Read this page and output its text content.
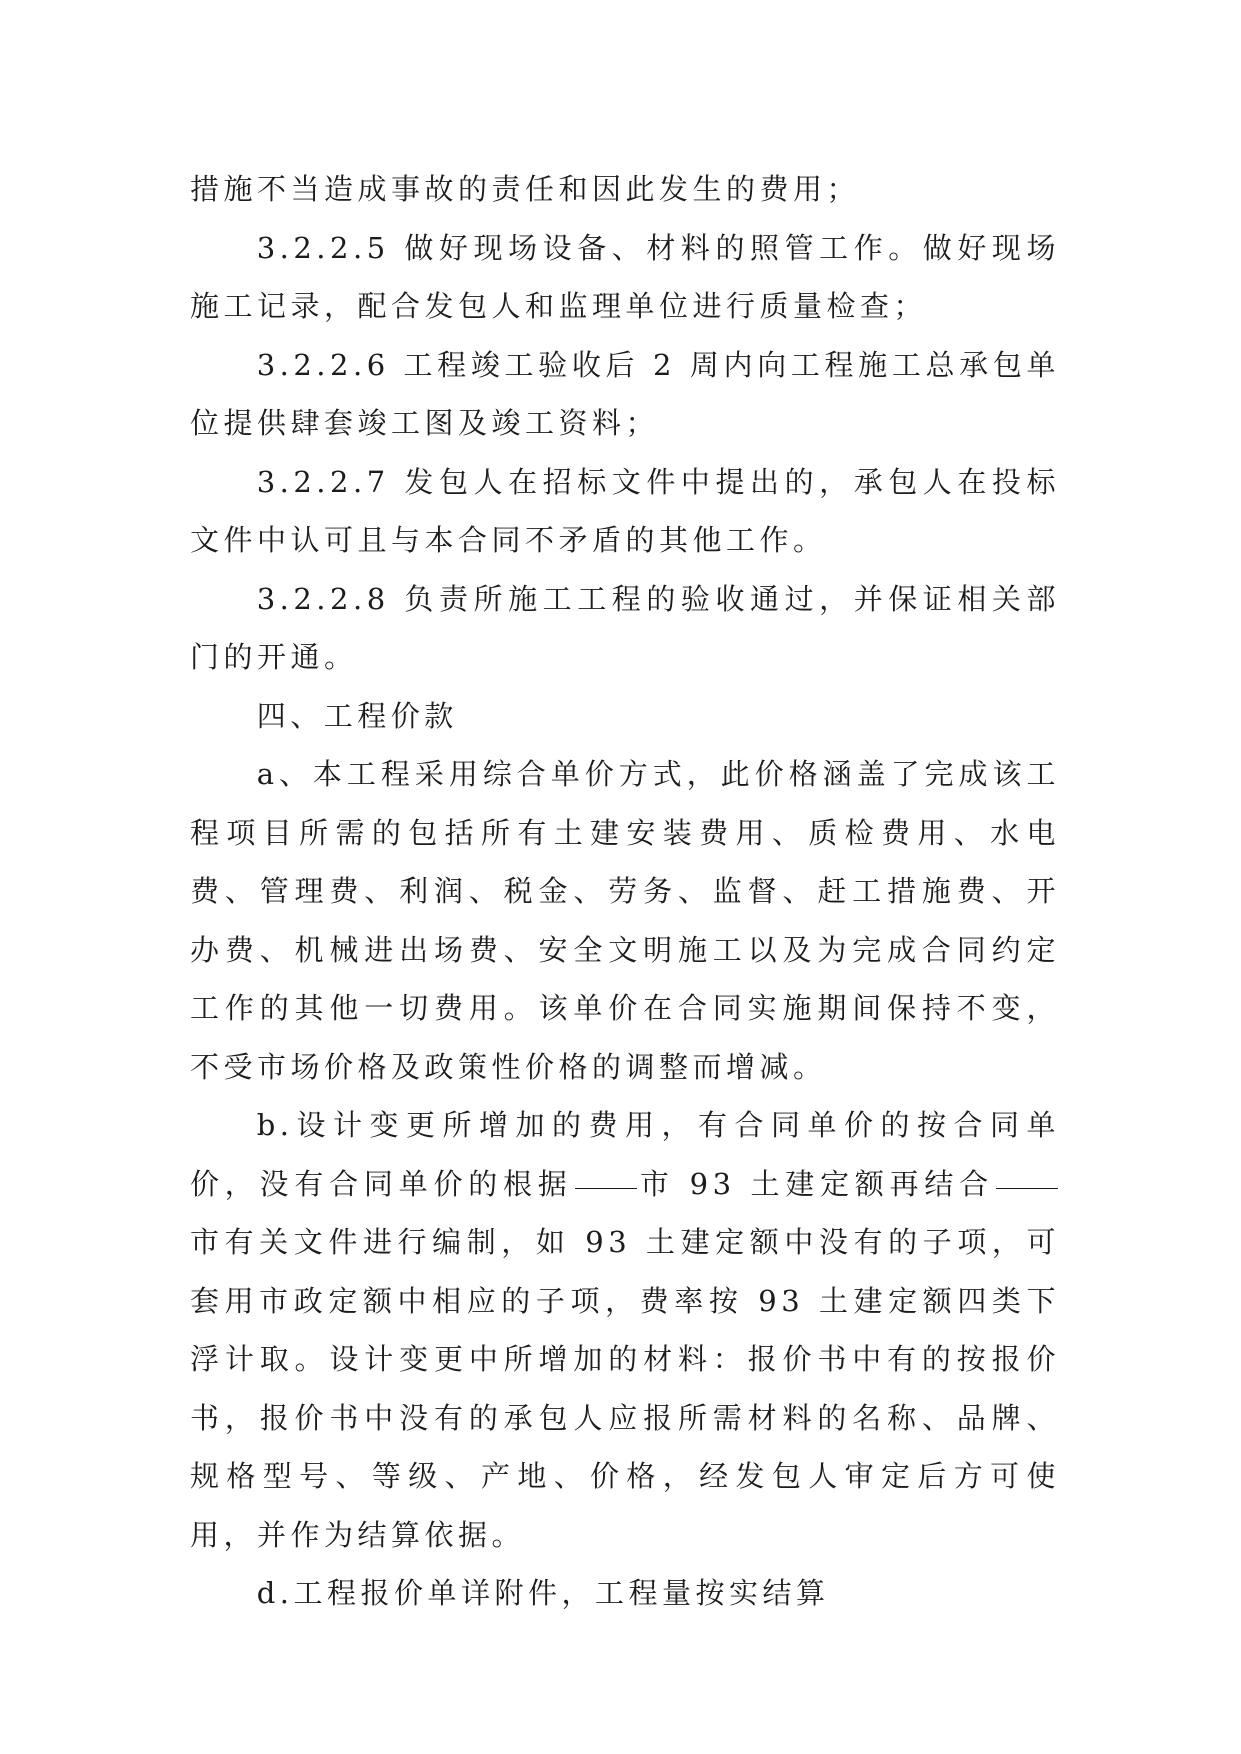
措施不当造成事故的责任和因此发生的费用；

3.2.2.5 做好现场设备、材料的照管工作。做好现场施工记录，配合发包人和监理单位进行质量检查；

3.2.2.6 工程竣工验收后 2 周内向工程施工总承包单位提供肆套竣工图及竣工资料；

3.2.2.7 发包人在招标文件中提出的，承包人在投标文件中认可且与本合同不矛盾的其他工作。

3.2.2.8 负责所施工工程的验收通过，并保证相关部门的开通。

四、工程价款

a、本工程采用综合单价方式，此价格涵盖了完成该工程项目所需的包括所有土建安装费用、质检费用、水电费、管理费、利润、税金、劳务、监督、赶工措施费、开办费、机械进出场费、安全文明施工以及为完成合同约定工作的其他一切费用。该单价在合同实施期间保持不变，不受市场价格及政策性价格的调整而增减。

b.设计变更所增加的费用，有合同单价的按合同单价，没有合同单价的根据 市 93 土建定额再结合市有关文件进行编制，如 93 土建定额中没有的子项，可套用市政定额中相应的子项，费率按 93 土建定额四类下浮计取。设计变更中所增加的材料：报价书中有的按报价书，报价书中没有的承包人应报所需材料的名称、品牌、规格型号、等级、产地、价格，经发包人审定后方可使用，并作为结算依据。

d.工程报价单详附件，工程量按实结算
